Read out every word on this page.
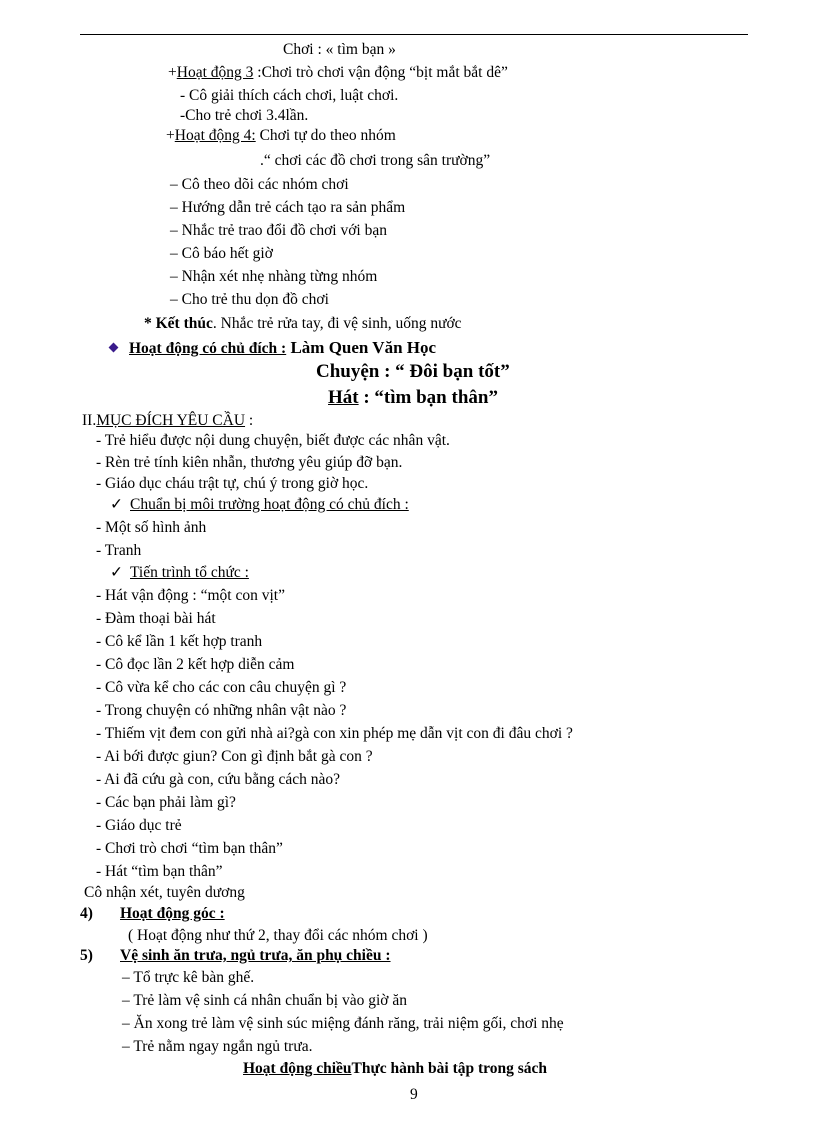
Chơi : « tìm bạn »
+Hoạt động 3 :Chơi trò chơi vận động “bịt mắt bắt dê”
- Cô giải thích cách chơi, luật chơi.
-Cho trẻ chơi 3.4lần.
+Hoạt động 4: Chơi tự do theo nhóm
.“ chơi các đồ chơi trong sân trường”
– Cô theo dõi các nhóm chơi
– Hướng dẫn trẻ cách tạo ra sản phẩm
– Nhắc trẻ trao đổi đồ chơi với bạn
– Cô báo hết giờ
– Nhận xét nhẹ nhàng từng nhóm
– Cho trẻ thu dọn đồ chơi
* Kết thúc. Nhắc trẻ rửa tay, đi vệ sinh, uống nước
Hoạt động có chủ đích : Làm Quen Văn Học
Chuyện : “ Đôi bạn tốt”
Hát : “tìm bạn thân”
II.MỤC ĐÍCH YÊU CẦU :
- Trẻ hiểu được nội dung chuyện, biết được các nhân vật.
- Rèn trẻ tính kiên nhẫn, thương yêu giúp đỡ bạn.
- Giáo dục cháu trật tự, chú ý trong giờ học.
✓ Chuẩn bị môi trường hoạt động có chủ đích :
- Một số hình ảnh
- Tranh
✓ Tiến trình tổ chức :
- Hát vận động : “một con vịt”
- Đàm thoại bài hát
- Cô kể lần 1 kết hợp tranh
- Cô đọc lần 2 kết hợp diễn cảm
- Cô vừa kể cho các con câu chuyện gì ?
- Trong chuyện có những nhân vật nào ?
- Thiếm vịt đem con gửi nhà ai?gà con xin phép mẹ dẫn vịt con đi đâu chơi ?
- Ai bới được giun? Con gì định bắt gà con ?
- Ai đã cứu gà con, cứu bằng cách nào?
- Các bạn phải làm gì?
- Giáo dục trẻ
- Chơi trò chơi “tìm bạn thân”
- Hát “tìm bạn thân”
Cô nhận xét, tuyên dương
4) Hoạt động góc :
( Hoạt động như thứ 2, thay đổi các nhóm chơi )
5) Vệ sinh ăn trưa, ngủ trưa, ăn phụ chiều :
– Tổ trực kê bàn ghế.
– Trẻ làm vệ sinh cá nhân chuẩn bị vào giờ ăn
– Ăn xong trẻ làm vệ sinh súc miệng đánh răng, trải niệm gối, chơi nhẹ
– Trẻ nằm ngay ngắn ngủ trưa.
Hoạt động chiềuThực hành bài tập trong sách
9
